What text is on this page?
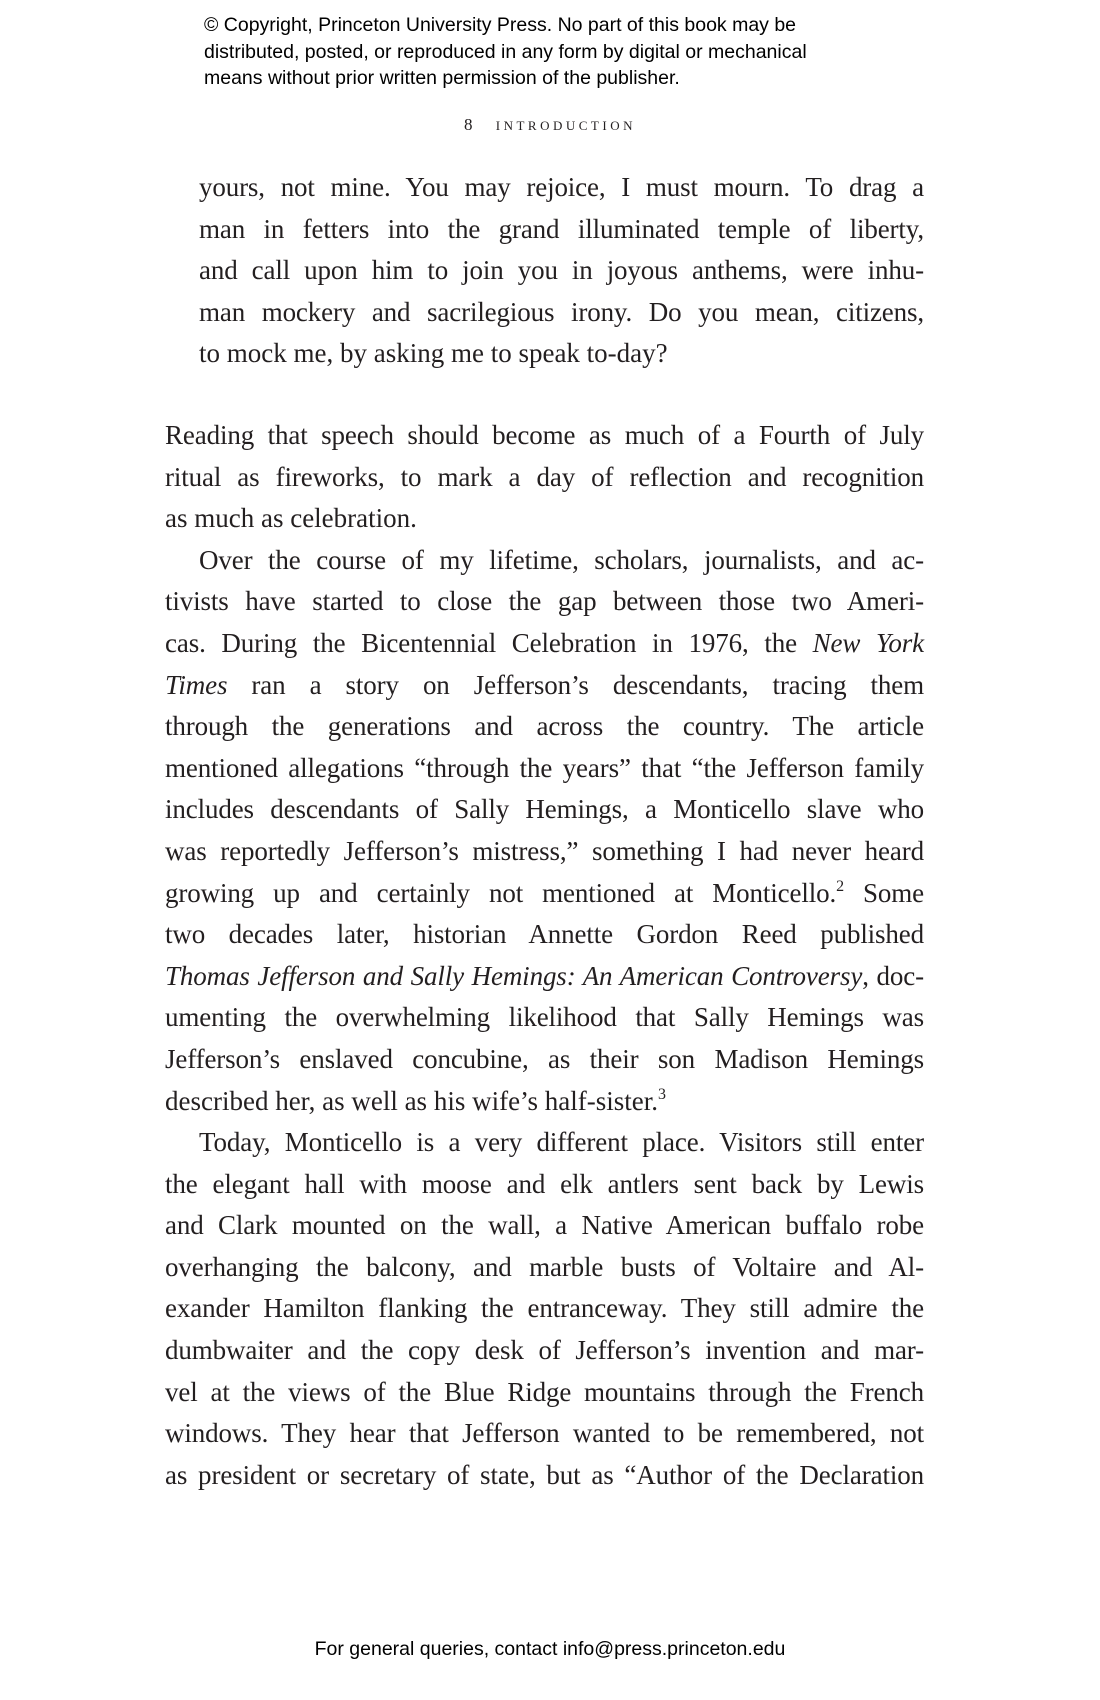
© Copyright, Princeton University Press. No part of this book may be
distributed, posted, or reproduced in any form by digital or mechanical
means without prior written permission of the publisher.
8 introduction
yours, not mine. You may rejoice, I must mourn. To drag a
man in fetters into the grand illuminated temple of liberty,
and call upon him to join you in joyous anthems, were inhu-
man mockery and sacrilegious irony. Do you mean, citizens,
to mock me, by asking me to speak to-day?
Reading that speech should become as much of a Fourth of July
ritual as fireworks, to mark a day of reflection and recognition
as much as celebration.
Over the course of my lifetime, scholars, journalists, and ac-
tivists have started to close the gap between those two Ameri-
cas. During the Bicentennial Celebration in 1976, the New York
Times ran a story on Jefferson’s descendants, tracing them
through the generations and across the country. The article
mentioned allegations “through the years” that “the Jefferson family
includes descendants of Sally Hemings, a Monticello slave who
was reportedly Jefferson’s mistress,” something I had never heard
growing up and certainly not mentioned at Monticello.$^2$ Some
two decades later, historian Annette Gordon Reed published
Thomas Jefferson and Sally Hemings: An American Controversy, doc-
umenting the overwhelming likelihood that Sally Hemings was
Jefferson’s enslaved concubine, as their son Madison Hemings
described her, as well as his wife’s half-sister.$^3$
Today, Monticello is a very different place. Visitors still enter
the elegant hall with moose and elk antlers sent back by Lewis
and Clark mounted on the wall, a Native American buffalo robe
overhanging the balcony, and marble busts of Voltaire and Al-
exander Hamilton flanking the entranceway. They still admire the
dumbwaiter and the copy desk of Jefferson’s invention and mar-
vel at the views of the Blue Ridge mountains through the French
windows. They hear that Jefferson wanted to be remembered, not
as president or secretary of state, but as “Author of the Declaration
For general queries, contact info@press.princeton.edu
